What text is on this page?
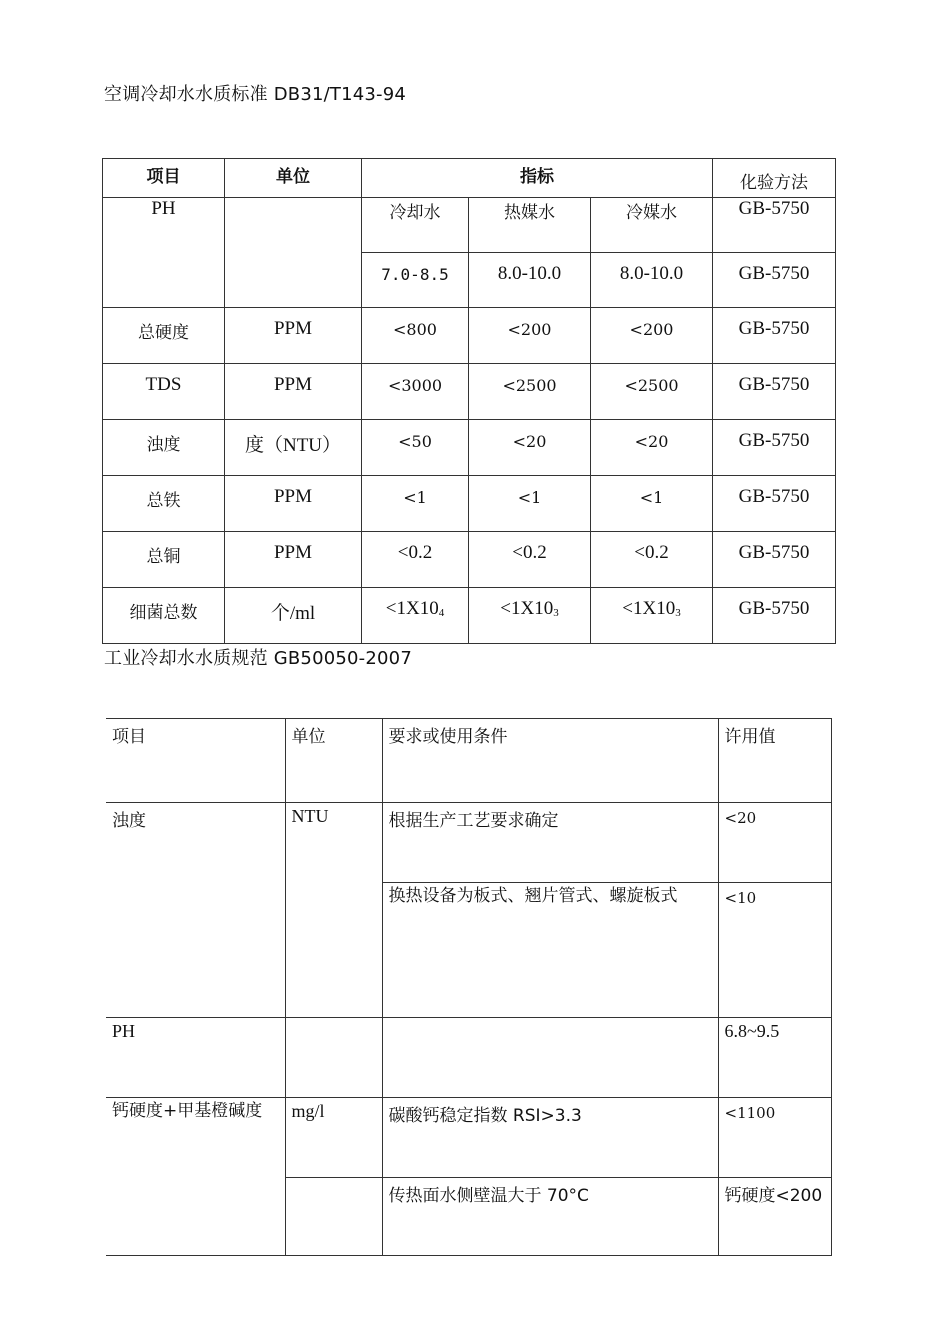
空调冷却水水质标准 DB31/T143-94
项目	单位	指标			化验方法
PH		冷却水	热媒水	冷媒水	GB-5750
		7.0-8.5	8.0-10.0	8.0-10.0	GB-5750
总硬度	PPM	<800	<200	<200	GB-5750
TDS	PPM	<3000	<2500	<2500	GB-5750
浊度	度（NTU）	<50	<20	<20	GB-5750
总铁	PPM	<1	<1	<1	GB-5750
总铜	PPM	<0.2	<0.2	<0.2	GB-5750
细菌总数	个/ml	$<1X10_4$	$<1X10_3$	$<1X10_3$	GB-5750
工业冷却水水质规范 GB50050-2007
项目	单位	要求或使用条件	许用值
浊度	NTU	根据生产工艺要求确定	<20

		换热设备为板式、翘片管式、螺旋板式	<10
PH			6.8~9.5

钙硬度+甲基橙碱度	mg/l	碳酸钙稳定指数 RSI>3.3	<1100
		传热面水侧壁温大于 70°C	钙硬度<200
